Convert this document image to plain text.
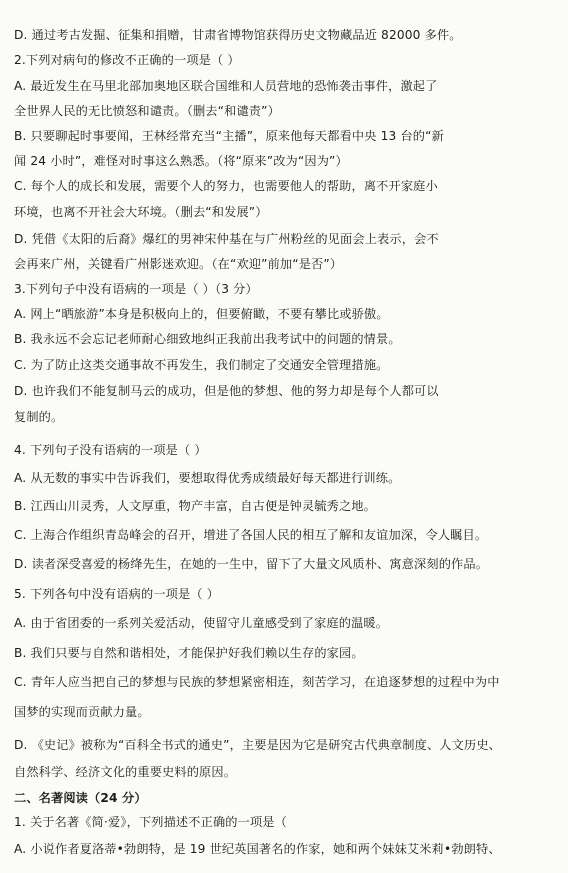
D. 通过考古发掘、征集和捐赠，甘肃省博物馆获得历史文物藏品近 82000 多件。
2.下列对病句的修改不正确的一项是（ ）
A. 最近发生在马里北部加奥地区联合国维和人员营地的恐怖袭击事件，激起了
全世界人民的无比愤怒和谴责。（删去“和谴责”）
B. 只要聊起时事要闻，王林经常充当“主播”，原来他每天都看中央 13 台的“新
闻 24 小时”，难怪对时事这么熟悉。（将“原来”改为“因为”）
C. 每个人的成长和发展，需要个人的努力，也需要他人的帮助，离不开家庭小
环境，也离不开社会大环境。（删去“和发展”）
D. 凭借《太阳的后裔》爆红的男神宋仲基在与广州粉丝的见面会上表示，会不
会再来广州，关键看广州影迷欢迎。（在“欢迎”前加“是否”）
3.下列句子中没有语病的一项是（ ）（3 分）
A. 网上“晒旅游”本身是积极向上的，但要俯瞰，不要有攀比或骄傲。
B. 我永远不会忘记老师耐心细致地纠正我前出我考试中的问题的情景。
C. 为了防止这类交通事故不再发生，我们制定了交通安全管理措施。
D. 也许我们不能复制马云的成功，但是他的梦想、他的努力却是每个人都可以
复制的。
4. 下列句子没有语病的一项是（ ）
A. 从无数的事实中告诉我们，要想取得优秀成绩最好每天都进行训练。
B. 江西山川灵秀，人文厚重，物产丰富，自古便是钟灵毓秀之地。
C. 上海合作组织青岛峰会的召开，增进了各国人民的相互了解和友谊加深，令人瞩目。
D. 读者深受喜爱的杨绛先生，在她的一生中，留下了大量文风质朴、寓意深刻的作品。
5. 下列各句中没有语病的一项是（ ）
A. 由于省团委的一系列关爱活动，使留守儿童感受到了家庭的温暖。
B. 我们只要与自然和谐相处，才能保护好我们赖以生存的家园。
C. 青年人应当把自己的梦想与民族的梦想紧密相连，刻苦学习，在追逐梦想的过程中为中
国梦的实现而贡献力量。
D. 《史记》被称为“百科全书式的通史”，主要是因为它是研究古代典章制度、人文历史、
自然科学、经济文化的重要史料的原因。
二、名著阅读（24 分）
1. 关于名著《简·爱》，下列描述不正确的一项是（
A. 小说作者夏洛蒂•勃朗特，是 19 世纪英国著名的作家，她和两个妹妹艾米莉•勃朗特、
